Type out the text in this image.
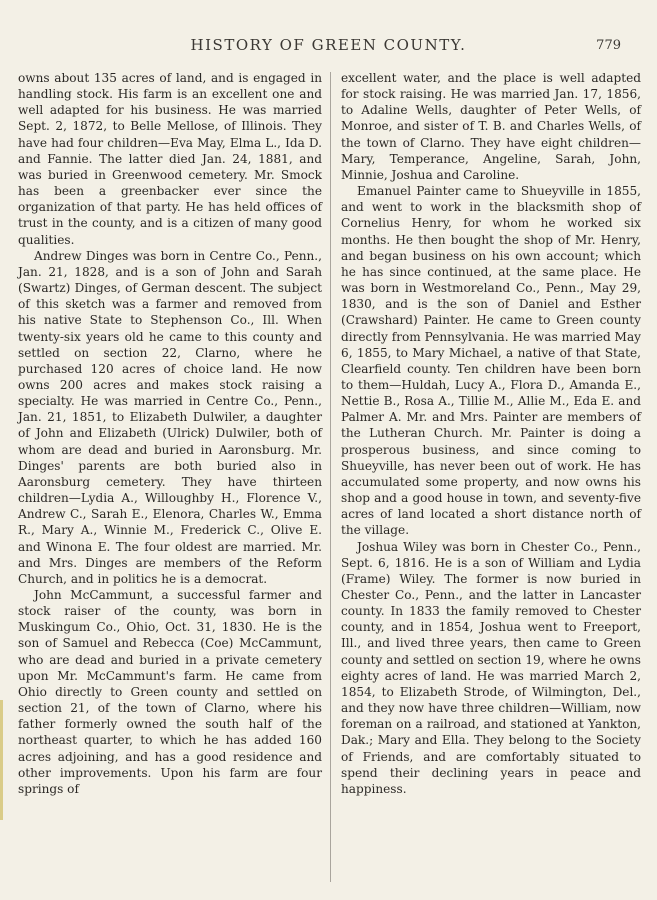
HISTORY OF GREEN COUNTY.	779

owns about 135 acres of land, and is engaged in handling stock. His farm is an excellent one and well adapted for his business. He was married Sept. 2, 1872, to Belle Mellose, of Illinois. They have had four children—Eva May, Elma L., Ida D. and Fannie. The latter died Jan. 24, 1881, and was buried in Greenwood cemetery. Mr. Smock has been a greenbacker ever since the organization of that party. He has held offices of trust in the county, and is a citizen of many good qualities.

Andrew Dinges was born in Centre Co., Penn., Jan. 21, 1828, and is a son of John and Sarah (Swartz) Dinges, of German descent. The subject of this sketch was a farmer and removed from his native State to Stephenson Co., Ill. When twenty-six years old he came to this county and settled on section 22, Clarno, where he purchased 120 acres of choice land. He now owns 200 acres and makes stock raising a specialty. He was married in Centre Co., Penn., Jan. 21, 1851, to Elizabeth Dulwiler, a daughter of John and Elizabeth (Ulrick) Dulwiler, both of whom are dead and buried in Aaronsburg. Mr. Dinges' parents are both buried also in Aaronsburg cemetery. They have thirteen children—Lydia A., Willoughby H., Florence V., Andrew C., Sarah E., Elenora, Charles W., Emma R., Mary A., Winnie M., Frederick C., Olive E. and Winona E. The four oldest are married. Mr. and Mrs. Dinges are members of the Reform Church, and in politics he is a democrat.

John McCammunt, a successful farmer and stock raiser of the county, was born in Muskingum Co., Ohio, Oct. 31, 1830. He is the son of Samuel and Rebecca (Coe) McCammunt, who are dead and buried in a private cemetery upon Mr. McCammunt's farm. He came from Ohio directly to Green county and settled on section 21, of the town of Clarno, where his father formerly owned the south half of the northeast quarter, to which he has added 160 acres adjoining, and has a good residence and other improvements. Upon his farm are four springs of

excellent water, and the place is well adapted for stock raising. He was married Jan. 17, 1856, to Adaline Wells, daughter of Peter Wells, of Monroe, and sister of T. B. and Charles Wells, of the town of Clarno. They have eight children—Mary, Temperance, Angeline, Sarah, John, Minnie, Joshua and Caroline.

Emanuel Painter came to Shueyville in 1855, and went to work in the blacksmith shop of Cornelius Henry, for whom he worked six months. He then bought the shop of Mr. Henry, and began business on his own account; which he has since continued, at the same place. He was born in Westmoreland Co., Penn., May 29, 1830, and is the son of Daniel and Esther (Crawshard) Painter. He came to Green county directly from Pennsylvania. He was married May 6, 1855, to Mary Michael, a native of that State, Clearfield county. Ten children have been born to them—Huldah, Lucy A., Flora D., Amanda E., Nettie B., Rosa A., Tillie M., Allie M., Eda E. and Palmer A. Mr. and Mrs. Painter are members of the Lutheran Church. Mr. Painter is doing a prosperous business, and since coming to Shueyville, has never been out of work. He has accumulated some property, and now owns his shop and a good house in town, and seventy-five acres of land located a short distance north of the village.

Joshua Wiley was born in Chester Co., Penn., Sept. 6, 1816. He is a son of William and Lydia (Frame) Wiley. The former is now buried in Chester Co., Penn., and the latter in Lancaster county. In 1833 the family removed to Chester county, and in 1854, Joshua went to Freeport, Ill., and lived three years, then came to Green county and settled on section 19, where he owns eighty acres of land. He was married March 2, 1854, to Elizabeth Strode, of Wilmington, Del., and they now have three children—William, now foreman on a railroad, and stationed at Yankton, Dak.; Mary and Ella. They belong to the Society of Friends, and are comfortably situated to spend their declining years in peace and happiness.
